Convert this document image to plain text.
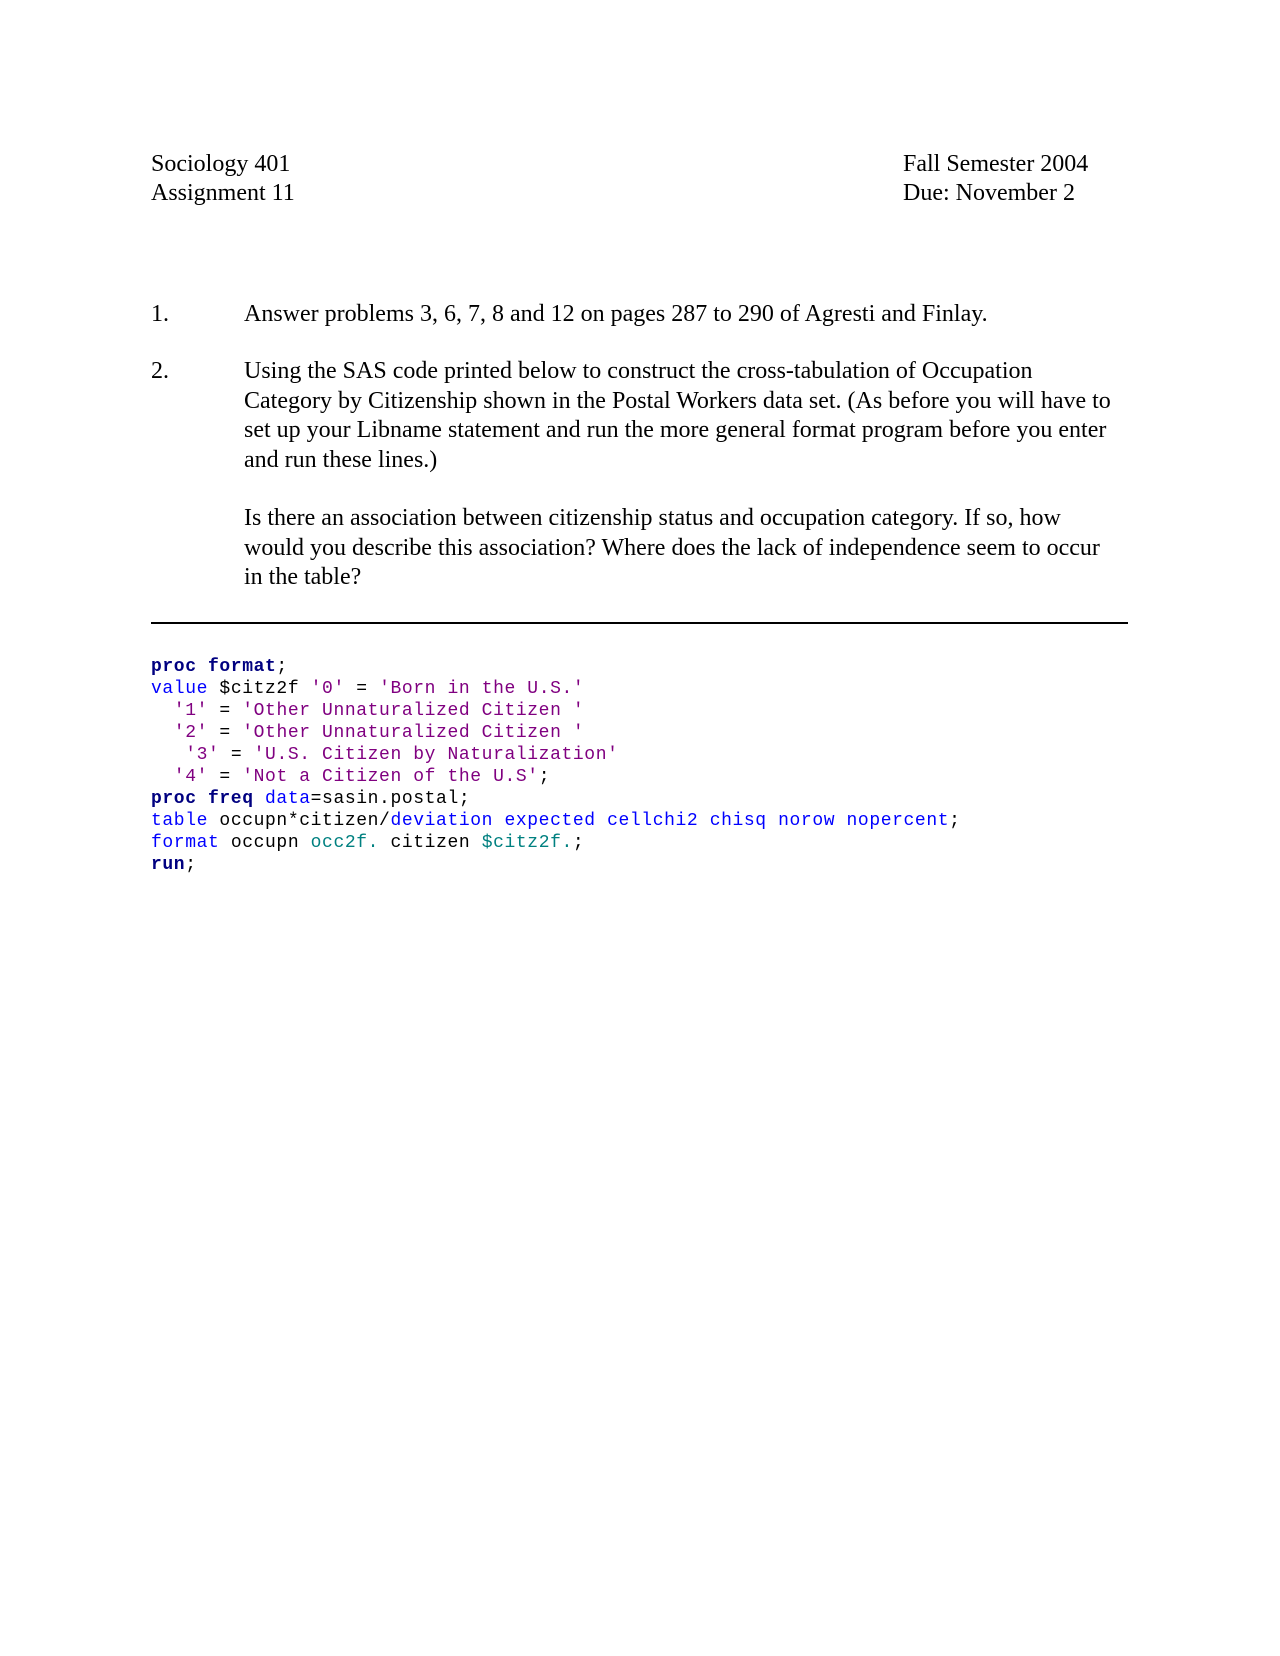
Sociology 401
Assignment 11
Fall Semester 2004
Due: November 2
1.	Answer problems 3, 6, 7, 8 and 12 on pages 287 to 290 of Agresti and Finlay.

2.	Using the SAS code printed below to construct the cross-tabulation of Occupation Category by Citizenship shown in the Postal Workers data set. (As before you will have to set up your Libname statement and run the more general format program before you enter and run these lines.)

Is there an association between citizenship status and occupation category. If so, how would you describe this association? Where does the lack of independence seem to occur in the table?

proc format;
value $citz2f '0' = 'Born in the U.S.'
'1' = 'Other Unnaturalized Citizen '
'2' = 'Other Unnaturalized Citizen '
'3' = 'U.S. Citizen by Naturalization'
'4' = 'Not a Citizen of the U.S';
proc freq data=sasin.postal;
table occupn*citizen/deviation expected cellchi2 chisq norow nopercent;
format occupn occ2f. citizen $citz2f.;
run;
